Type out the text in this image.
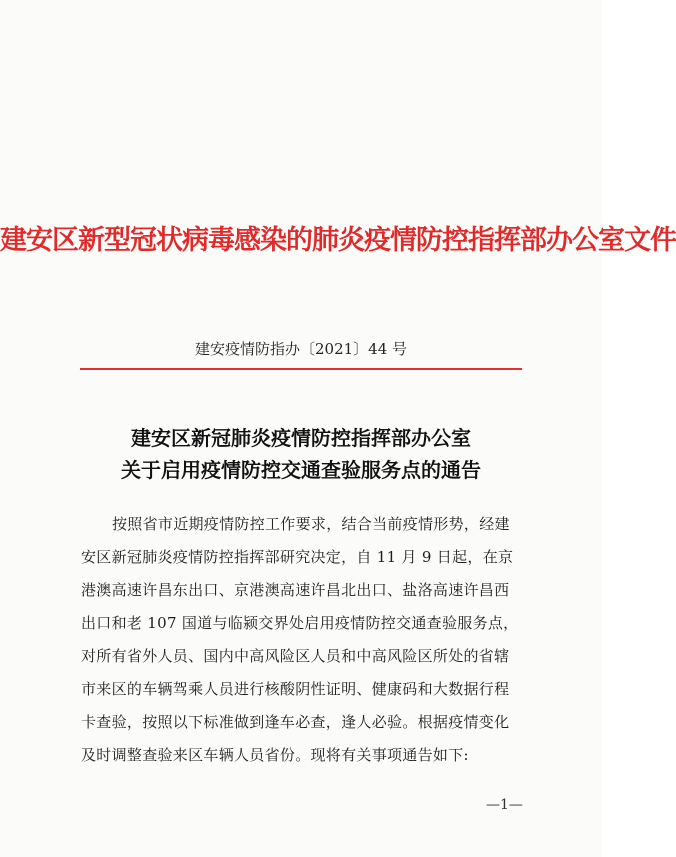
建安区新型冠状病毒感染的肺炎疫情防控指挥部办公室文件
建安疫情防指办〔2021〕44 号
建安区新冠肺炎疫情防控指挥部办公室
关于启用疫情防控交通查验服务点的通告
按照省市近期疫情防控工作要求，结合当前疫情形势，经建
安区新冠肺炎疫情防控指挥部研究决定，自 11 月 9 日起，在京
港澳高速许昌东出口、京港澳高速许昌北出口、盐洛高速许昌西
出口和老 107 国道与临颍交界处启用疫情防控交通查验服务点，
对所有省外人员、国内中高风险区人员和中高风险区所处的省辖
市来区的车辆驾乘人员进行核酸阴性证明、健康码和大数据行程
卡查验，按照以下标准做到逢车必查，逢人必验。根据疫情变化
及时调整查验来区车辆人员省份。现将有关事项通告如下:
—1—
